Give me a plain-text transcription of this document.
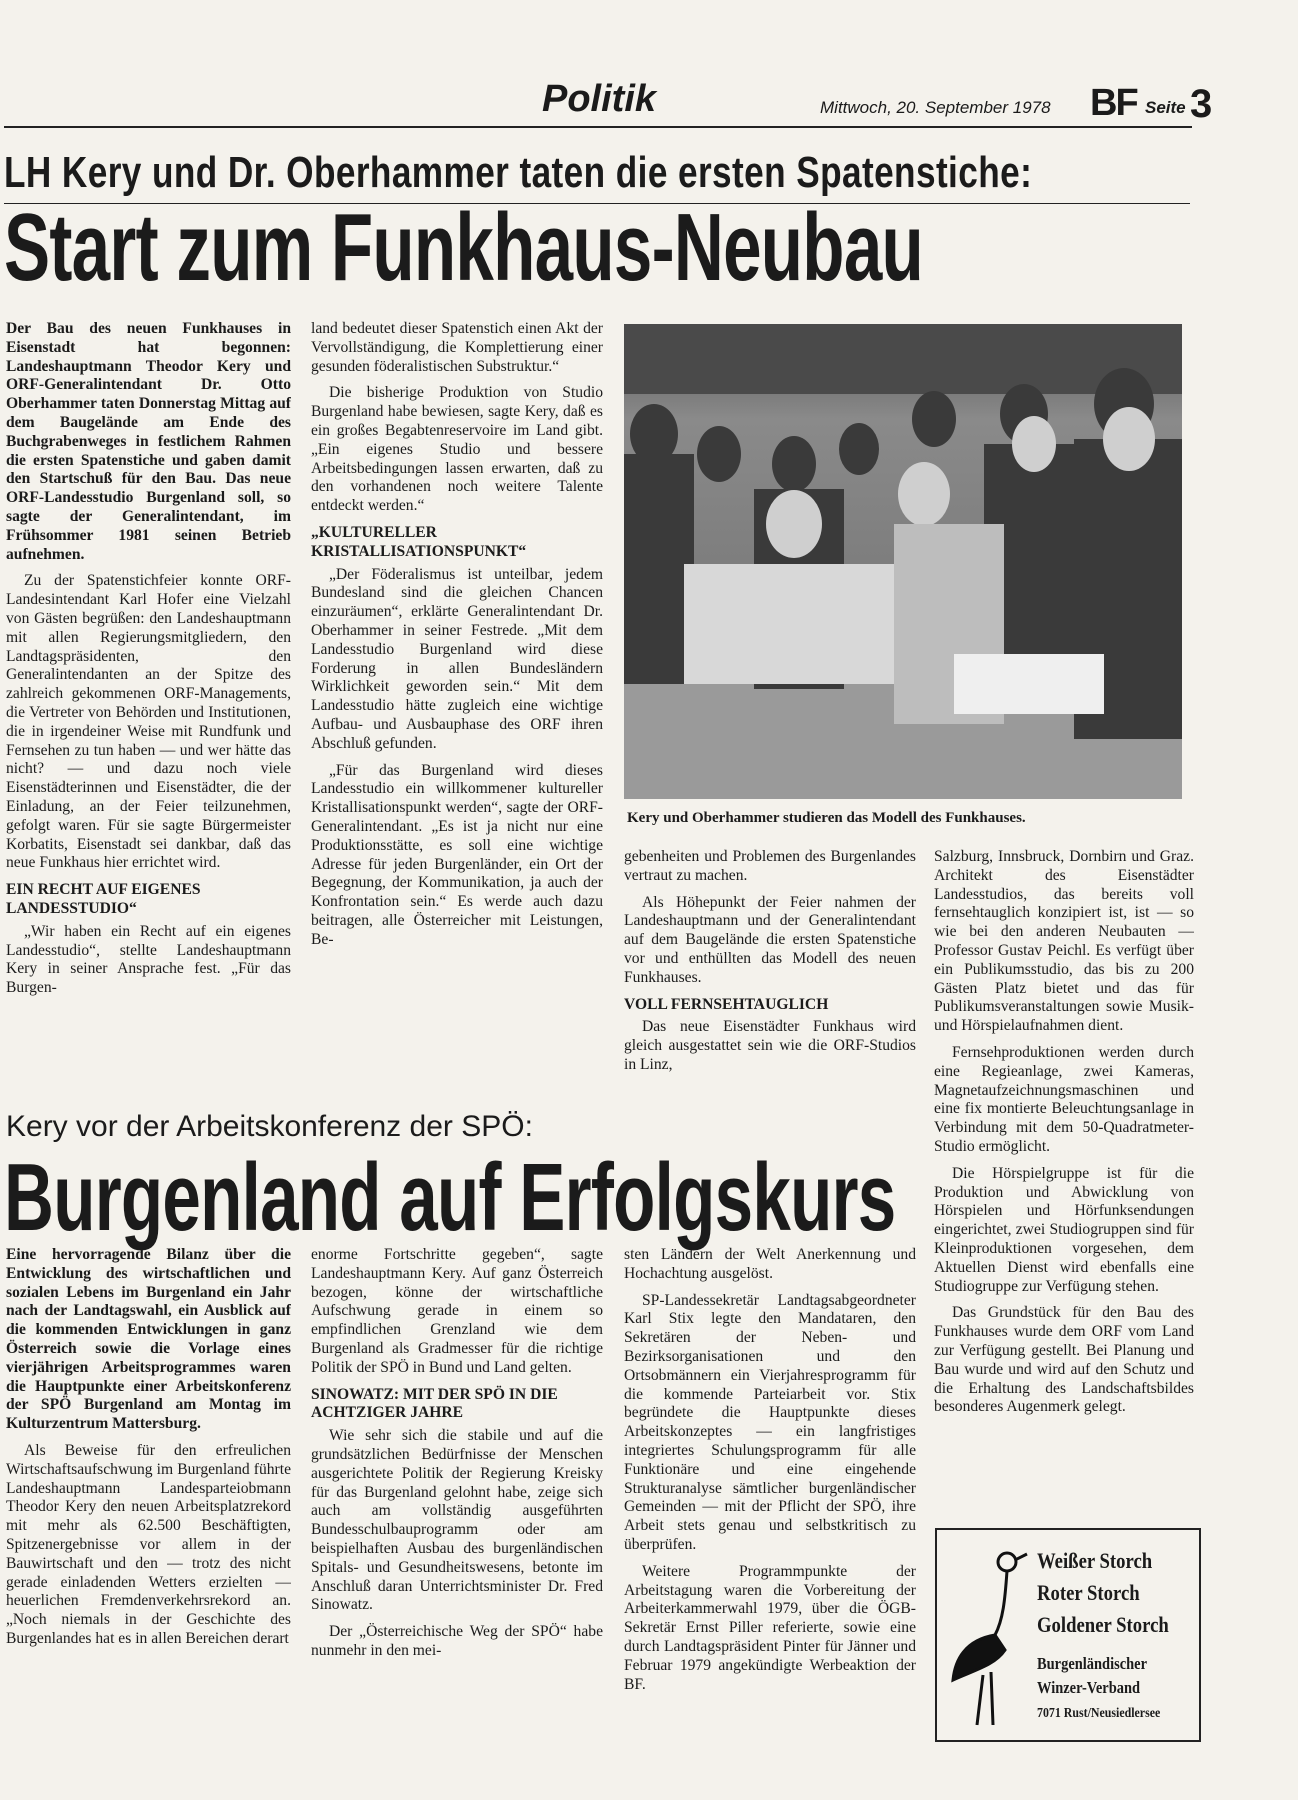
Politik	Mittwoch, 20. September 1978 BF Seite 3
LH Kery und Dr. Oberhammer taten die ersten Spatenstiche:
Start zum Funkhaus-Neubau

Der Bau des neuen Funkhauses in Eisenstadt hat begonnen: Landeshauptmann Theodor Kery und ORF-Generalintendant Dr. Otto Oberhammer taten Donnerstag Mittag auf dem Baugelände am Ende des Buchgrabenweges in festlichem Rahmen die ersten Spatenstiche und gaben damit den Startschuß für den Bau. Das neue ORF-Landesstudio Burgenland soll, so sagte der Generalintendant, im Frühsommer 1981 seinen Betrieb aufnehmen.

Zu der Spatenstichfeier konnte ORF-Landesintendant Karl Hofer eine Vielzahl von Gästen begrüßen: den Landeshauptmann mit allen Regierungsmitgliedern, den Landtagspräsidenten, den Generalintendanten an der Spitze des zahlreich gekommenen ORF-Managements, die Vertreter von Behörden und Institutionen, die in irgendeiner Weise mit Rundfunk und Fernsehen zu tun haben — und wer hätte das nicht? — und dazu noch viele Eisenstädterinnen und Eisenstädter, die der Einladung, an der Feier teilzunehmen, gefolgt waren. Für sie sagte Bürgermeister Korbatits, Eisenstadt sei dankbar, daß das neue Funkhaus hier errichtet wird.

EIN RECHT AUF EIGENES LANDESSTUDIO“

„Wir haben ein Recht auf ein eigenes Landesstudio“, stellte Landeshauptmann Kery in seiner Ansprache fest. „Für das Burgen-

land bedeutet dieser Spatenstich einen Akt der Vervollständigung, die Komplettierung einer gesunden föderalistischen Substruktur.“

Die bisherige Produktion von Studio Burgenland habe bewiesen, sagte Kery, daß es ein großes Begabtenreservoire im Land gibt. „Ein eigenes Studio und bessere Arbeitsbedingungen lassen erwarten, daß zu den vorhandenen noch weitere Talente entdeckt werden.“

„KULTURELLER KRISTALLISATIONSPUNKT“

„Der Föderalismus ist unteilbar, jedem Bundesland sind die gleichen Chancen einzuräumen“, erklärte Generalintendant Dr. Oberhammer in seiner Festrede. „Mit dem Landesstudio Burgenland wird diese Forderung in allen Bundesländern Wirklichkeit geworden sein.“ Mit dem Landesstudio hätte zugleich eine wichtige Aufbau- und Ausbauphase des ORF ihren Abschluß gefunden.

„Für das Burgenland wird dieses Landesstudio ein willkommener kultureller Kristallisationspunkt werden“, sagte der ORF-Generalintendant. „Es ist ja nicht nur eine Produktionsstätte, es soll eine wichtige Adresse für jeden Burgenländer, ein Ort der Begegnung, der Kommunikation, ja auch der Konfrontation sein.“ Es werde auch dazu beitragen, alle Österreicher mit Leistungen, Be-

Kery und Oberhammer studieren das Modell des Funkhauses.

gebenheiten und Problemen des Burgenlandes vertraut zu machen.

Als Höhepunkt der Feier nahmen der Landeshauptmann und der Generalintendant auf dem Baugelände die ersten Spatenstiche vor und enthüllten das Modell des neuen Funkhauses.

VOLL FERNSEHTAUGLICH

Das neue Eisenstädter Funkhaus wird gleich ausgestattet sein wie die ORF-Studios in Linz,

Salzburg, Innsbruck, Dornbirn und Graz. Architekt des Eisenstädter Landesstudios, das bereits voll fernsehtauglich konzipiert ist, ist — so wie bei den anderen Neubauten — Professor Gustav Peichl. Es verfügt über ein Publikumsstudio, das bis zu 200 Gästen Platz bietet und das für Publikumsveranstaltungen sowie Musik- und Hörspielaufnahmen dient.

Fernsehproduktionen werden durch eine Regieanlage, zwei Kameras, Magnetaufzeichnungsmaschinen und eine fix montierte Beleuchtungsanlage in Verbindung mit dem 50-Quadratmeter-Studio ermöglicht.

Die Hörspielgruppe ist für die Produktion und Abwicklung von Hörspielen und Hörfunksendungen eingerichtet, zwei Studiogruppen sind für Kleinproduktionen vorgesehen, dem Aktuellen Dienst wird ebenfalls eine Studiogruppe zur Verfügung stehen.

Das Grundstück für den Bau des Funkhauses wurde dem ORF vom Land zur Verfügung gestellt. Bei Planung und Bau wurde und wird auf den Schutz und die Erhaltung des Landschaftsbildes besonderes Augenmerk gelegt.

Kery vor der Arbeitskonferenz der SPÖ:
Burgenland auf Erfolgskurs

Eine hervorragende Bilanz über die Entwicklung des wirtschaftlichen und sozialen Lebens im Burgenland ein Jahr nach der Landtagswahl, ein Ausblick auf die kommenden Entwicklungen in ganz Österreich sowie die Vorlage eines vierjährigen Arbeitsprogrammes waren die Hauptpunkte einer Arbeitskonferenz der SPÖ Burgenland am Montag im Kulturzentrum Mattersburg.

Als Beweise für den erfreulichen Wirtschaftsaufschwung im Burgenland führte Landeshauptmann Landesparteiobmann Theodor Kery den neuen Arbeitsplatzrekord mit mehr als 62.500 Beschäftigten, Spitzenergebnisse vor allem in der Bauwirtschaft und den — trotz des nicht gerade einladenden Wetters erzielten — heuerlichen Fremdenverkehrsrekord an. „Noch niemals in der Geschichte des Burgenlandes hat es in allen Bereichen derart

enorme Fortschritte gegeben“, sagte Landeshauptmann Kery. Auf ganz Österreich bezogen, könne der wirtschaftliche Aufschwung gerade in einem so empfindlichen Grenzland wie dem Burgenland als Gradmesser für die richtige Politik der SPÖ in Bund und Land gelten.

SINOWATZ: MIT DER SPÖ IN DIE ACHTZIGER JAHRE

Wie sehr sich die stabile und auf die grundsätzlichen Bedürfnisse der Menschen ausgerichtete Politik der Regierung Kreisky für das Burgenland gelohnt habe, zeige sich auch am vollständig ausgeführten Bundesschulbauprogramm oder am beispielhaften Ausbau des burgenländischen Spitals- und Gesundheitswesens, betonte im Anschluß daran Unterrichtsminister Dr. Fred Sinowatz.

Der „Österreichische Weg der SPÖ“ habe nunmehr in den mei-

sten Ländern der Welt Anerkennung und Hochachtung ausgelöst.

SP-Landessekretär Landtagsabgeordneter Karl Stix legte den Mandataren, den Sekretären der Neben- und Bezirksorganisationen und den Ortsobmännern ein Vierjahresprogramm für die kommende Parteiarbeit vor. Stix begründete die Hauptpunkte dieses Arbeitskonzeptes — ein langfristiges integriertes Schulungsprogramm für alle Funktionäre und eine eingehende Strukturanalyse sämtlicher burgenländischer Gemeinden — mit der Pflicht der SPÖ, ihre Arbeit stets genau und selbstkritisch zu überprüfen.

Weitere Programmpunkte der Arbeitstagung waren die Vorbereitung der Arbeiterkammerwahl 1979, über die ÖGB-Sekretär Ernst Piller referierte, sowie eine durch Landtagspräsident Pinter für Jänner und Februar 1979 angekündigte Werbeaktion der BF.

Weißer Storch
Roter Storch
Goldener Storch
Burgenländischer
Winzer-Verband
7071 Rust/Neusiedlersee
